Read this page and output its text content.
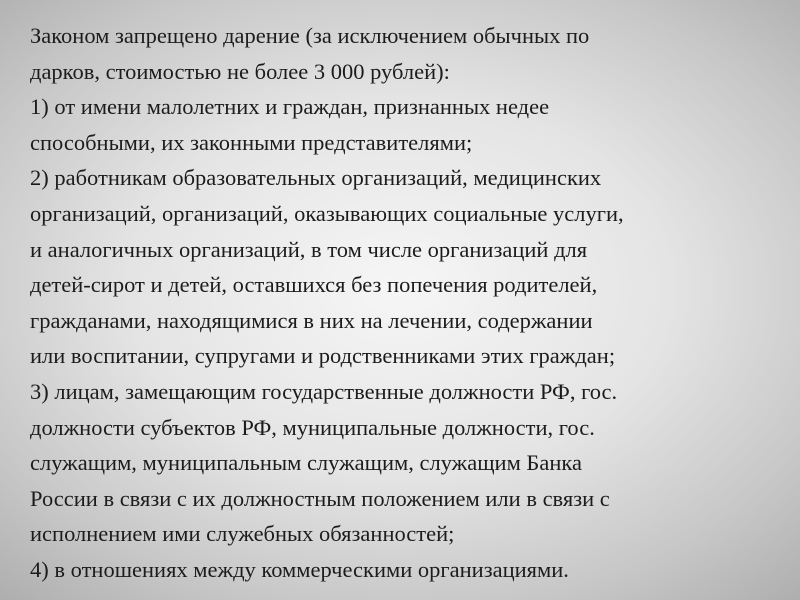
Законом запрещено дарение (за исключением обычных по
дарков, стоимостью не более 3 000 рублей):
1) от имени малолетних и граждан, признанных недее
способными, их законными представителями;
2) работникам образовательных организаций, медицинских
организаций, организаций, оказывающих социальные услуги,
и аналогичных организаций, в том числе организаций для
детей-сирот и детей, оставшихся без попечения родителей,
гражданами, находящимися в них на лечении, содержании
или воспитании, супругами и родственниками этих граждан;
3) лицам, замещающим государственные должности РФ, гос.
должности субъектов РФ, муниципальные должности, гос.
служащим, муниципальным служащим, служащим Банка
России в связи с их должностным положением или в связи с
исполнением ими служебных обязанностей;
4) в отношениях между коммерческими организациями.
